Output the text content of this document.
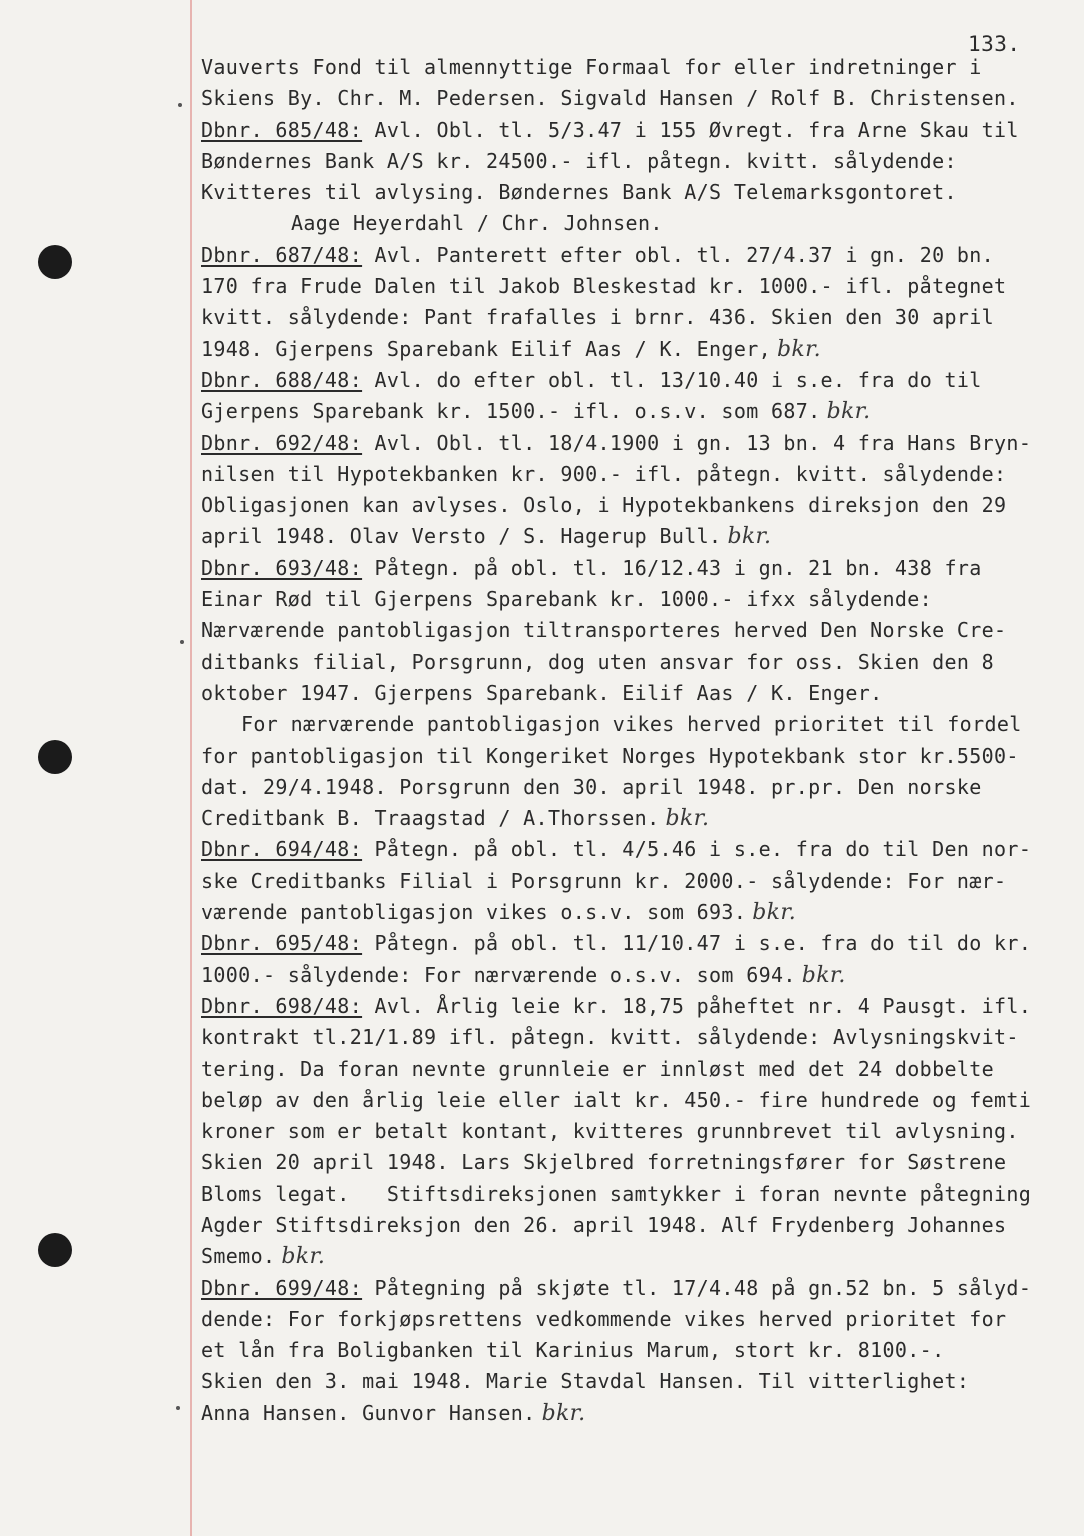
133.
Vauverts Fond til almennyttige Formaal for eller indretninger i
Skiens By. Chr. M. Pedersen. Sigvald Hansen / Rolf B. Christensen.
Dbnr. 685/48: Avl. Obl. tl. 5/3.47 i 155 Øvregt. fra Arne Skau til
Bøndernes Bank A/S kr. 24500.- ifl. påtegn. kvitt. sålydende:
Kvitteres til avlysing. Bøndernes Bank A/S Telemarksgontoret.
Aage Heyerdahl / Chr. Johnsen.
Dbnr. 687/48: Avl. Panterett efter obl. tl. 27/4.37 i gn. 20 bn.
170 fra Frude Dalen til Jakob Bleskestad kr. 1000.- ifl. påtegnet
kvitt. sålydende: Pant frafalles i brnr. 436. Skien den 30 april
1948. Gjerpens Sparebank Eilif Aas / K. Enger, bkr.
Dbnr. 688/48: Avl. do efter obl. tl. 13/10.40 i s.e. fra do til
Gjerpens Sparebank kr. 1500.- ifl. o.s.v. som 687. bkr.
Dbnr. 692/48: Avl. Obl. tl. 18/4.1900 i gn. 13 bn. 4 fra Hans Bryn-
nilsen til Hypotekbanken kr. 900.- ifl. påtegn. kvitt. sålydende:
Obligasjonen kan avlyses. Oslo, i Hypotekbankens direksjon den 29
april 1948. Olav Versto / S. Hagerup Bull. bkr.
Dbnr. 693/48: Påtegn. på obl. tl. 16/12.43 i gn. 21 bn. 438 fra
Einar Rød til Gjerpens Sparebank kr. 1000.- ifxx sålydende:
Nærværende pantobligasjon tiltransporteres herved Den Norske Cre-
ditbanks filial, Porsgrunn, dog uten ansvar for oss. Skien den 8
oktober 1947. Gjerpens Sparebank. Eilif Aas / K. Enger.
For nærværende pantobligasjon vikes herved prioritet til fordel
for pantobligasjon til Kongeriket Norges Hypotekbank stor kr.5500-
dat. 29/4.1948. Porsgrunn den 30. april 1948. pr.pr. Den norske
Creditbank B. Traagstad / A.Thorssen. bkr.
Dbnr. 694/48: Påtegn. på obl. tl. 4/5.46 i s.e. fra do til Den nor-
ske Creditbanks Filial i Porsgrunn kr. 2000.- sålydende: For nær-
værende pantobligasjon vikes o.s.v. som 693. bkr.
Dbnr. 695/48: Påtegn. på obl. tl. 11/10.47 i s.e. fra do til do kr.
1000.- sålydende: For nærværende o.s.v. som 694. bkr.
Dbnr. 698/48: Avl. Årlig leie kr. 18,75 påheftet nr. 4 Pausgt. ifl.
kontrakt tl.21/1.89 ifl. påtegn. kvitt. sålydende: Avlysningskvit-
tering. Da foran nevnte grunnleie er innløst med det 24 dobbelte
beløp av den årlig leie eller ialt kr. 450.- fire hundrede og femti
kroner som er betalt kontant, kvitteres grunnbrevet til avlysning.
Skien 20 april 1948. Lars Skjelbred forretningsfører for Søstrene
Bloms legat.   Stiftsdireksjonen samtykker i foran nevnte påtegning
Agder Stiftsdireksjon den 26. april 1948. Alf Frydenberg Johannes
Smemo. bkr.
Dbnr. 699/48: Påtegning på skjøte tl. 17/4.48 på gn.52 bn. 5 sålyd-
dende: For forkjøpsrettens vedkommende vikes herved prioritet for
et lån fra Boligbanken til Karinius Marum, stort kr. 8100.-.
Skien den 3. mai 1948. Marie Stavdal Hansen. Til vitterlighet:
Anna Hansen. Gunvor Hansen. bkr.
